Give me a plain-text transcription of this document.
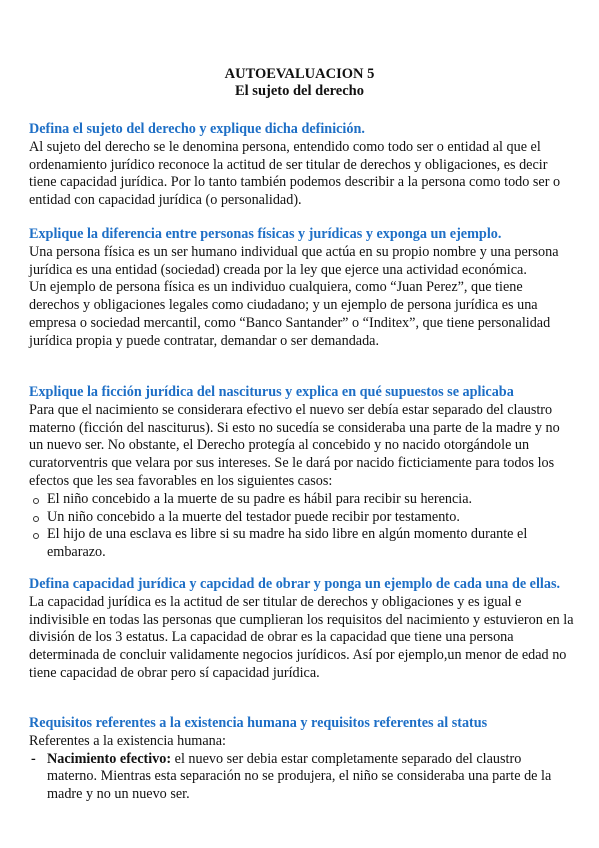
AUTOEVALUACION 5
El sujeto del derecho
Defina el sujeto del derecho y explique dicha definición.

Al sujeto del derecho se le denomina persona, entendido como todo ser o entidad al que el ordenamiento jurídico reconoce la actitud de ser titular de derechos y obligaciones, es decir tiene capacidad jurídica. Por lo tanto también podemos describir a la persona como todo ser o entidad con capacidad jurídica (o personalidad).

Explique la diferencia entre personas físicas y jurídicas y exponga un ejemplo.

Una persona física es un ser humano individual que actúa en su propio nombre y una persona jurídica es una entidad (sociedad) creada por la ley que ejerce una actividad económica.

Un ejemplo de persona física es un individuo cualquiera, como “Juan Perez”, que tiene derechos y obligaciones legales como ciudadano; y un ejemplo de persona jurídica es una empresa o sociedad mercantil, como “Banco Santander” o “Inditex”, que tiene personalidad jurídica propia y puede contratar, demandar o ser demandada.

Explique la ficción jurídica del nasciturus y explica en qué supuestos se aplicaba

Para que el nacimiento se considerara efectivo el nuevo ser debía estar separado del claustro materno (ficción del nasciturus). Si esto no sucedía se consideraba una parte de la madre y no un nuevo ser. No obstante, el Derecho protegía al concebido y no nacido otorgándole un curatorventris que velara por sus intereses. Se le dará por nacido ficticiamente para todos los efectos que les sea favorables en los siguientes casos:

El niño concebido a la muerte de su padre es hábil para recibir su herencia.
Un niño concebido a la muerte del testador puede recibir por testamento.
El hijo de una esclava es libre si su madre ha sido libre en algún momento durante el embarazo.
Defina capacidad jurídica y capcidad de obrar y ponga un ejemplo de cada una de ellas.

La capacidad jurídica es la actitud de ser titular de derechos y obligaciones y es igual e indivisible en todas las personas que cumplieran los requisitos del nacimiento y estuvieron en la división de los 3 estatus. La capacidad de obrar es la capacidad que tiene una persona determinada de concluir validamente negocios jurídicos. Así por ejemplo,un menor de edad no tiene capacidad de obrar pero sí capacidad jurídica.

Requisitos referentes a la existencia humana y requisitos referentes al status

Referentes a la existencia humana:

- Nacimiento efectivo: el nuevo ser debia estar completamente separado del claustro materno. Mientras esta separación no se produjera, el niño se consideraba una parte de la madre y no un nuevo ser.
